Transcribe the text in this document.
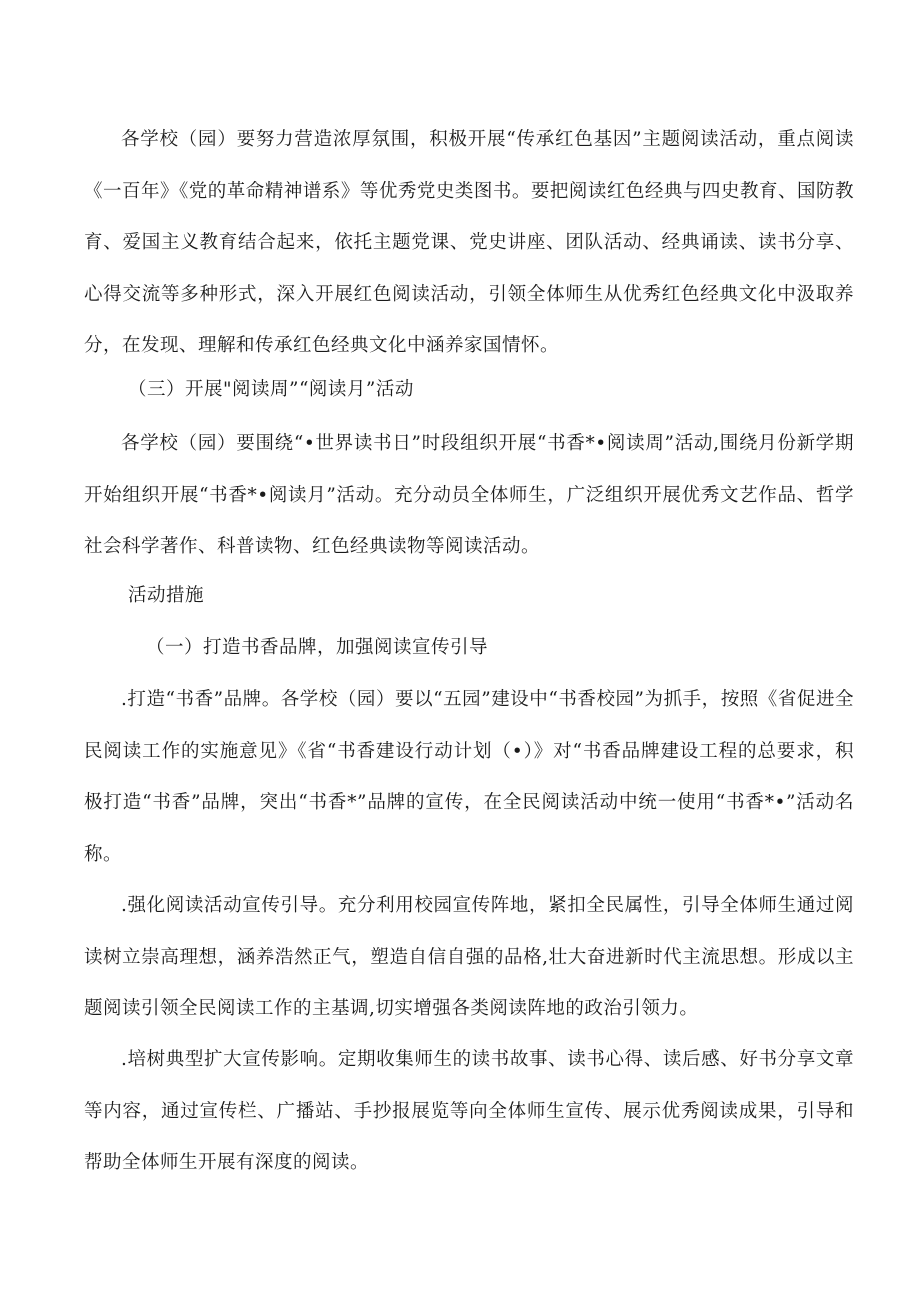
各学校（园）要努力营造浓厚氛围，积极开展“传承红色基因”主题阅读活动，重点阅读《一百年》《党的革命精神谱系》等优秀党史类图书。要把阅读红色经典与四史教育、国防教育、爱国主义教育结合起来，依托主题党课、党史讲座、团队活动、经典诵读、读书分享、心得交流等多种形式，深入开展红色阅读活动，引领全体师生从优秀红色经典文化中汲取养分，在发现、理解和传承红色经典文化中涵养家国情怀。

（三）开展"阅读周”“阅读月”活动

各学校（园）要围绕“•世界读书日”时段组织开展“书香*•阅读周”活动,围绕月份新学期开始组织开展“书香*•阅读月”活动。充分动员全体师生，广泛组织开展优秀文艺作品、哲学社会科学著作、科普读物、红色经典读物等阅读活动。

活动措施

（一）打造书香品牌，加强阅读宣传引导

.打造“书香”品牌。各学校（园）要以“五园”建设中“书香校园”为抓手，按照《省促进全民阅读工作的实施意见》《省“书香建设行动计划（•）》对“书香品牌建设工程的总要求，积极打造“书香”品牌，突出“书香*”品牌的宣传，在全民阅读活动中统一使用“书香*•”活动名称。

.强化阅读活动宣传引导。充分利用校园宣传阵地，紧扣全民属性，引导全体师生通过阅读树立崇高理想，涵养浩然正气，塑造自信自强的品格,壮大奋进新时代主流思想。形成以主题阅读引领全民阅读工作的主基调,切实增强各类阅读阵地的政治引领力。

.培树典型扩大宣传影响。定期收集师生的读书故事、读书心得、读后感、好书分享文章等内容，通过宣传栏、广播站、手抄报展览等向全体师生宣传、展示优秀阅读成果，引导和帮助全体师生开展有深度的阅读。
